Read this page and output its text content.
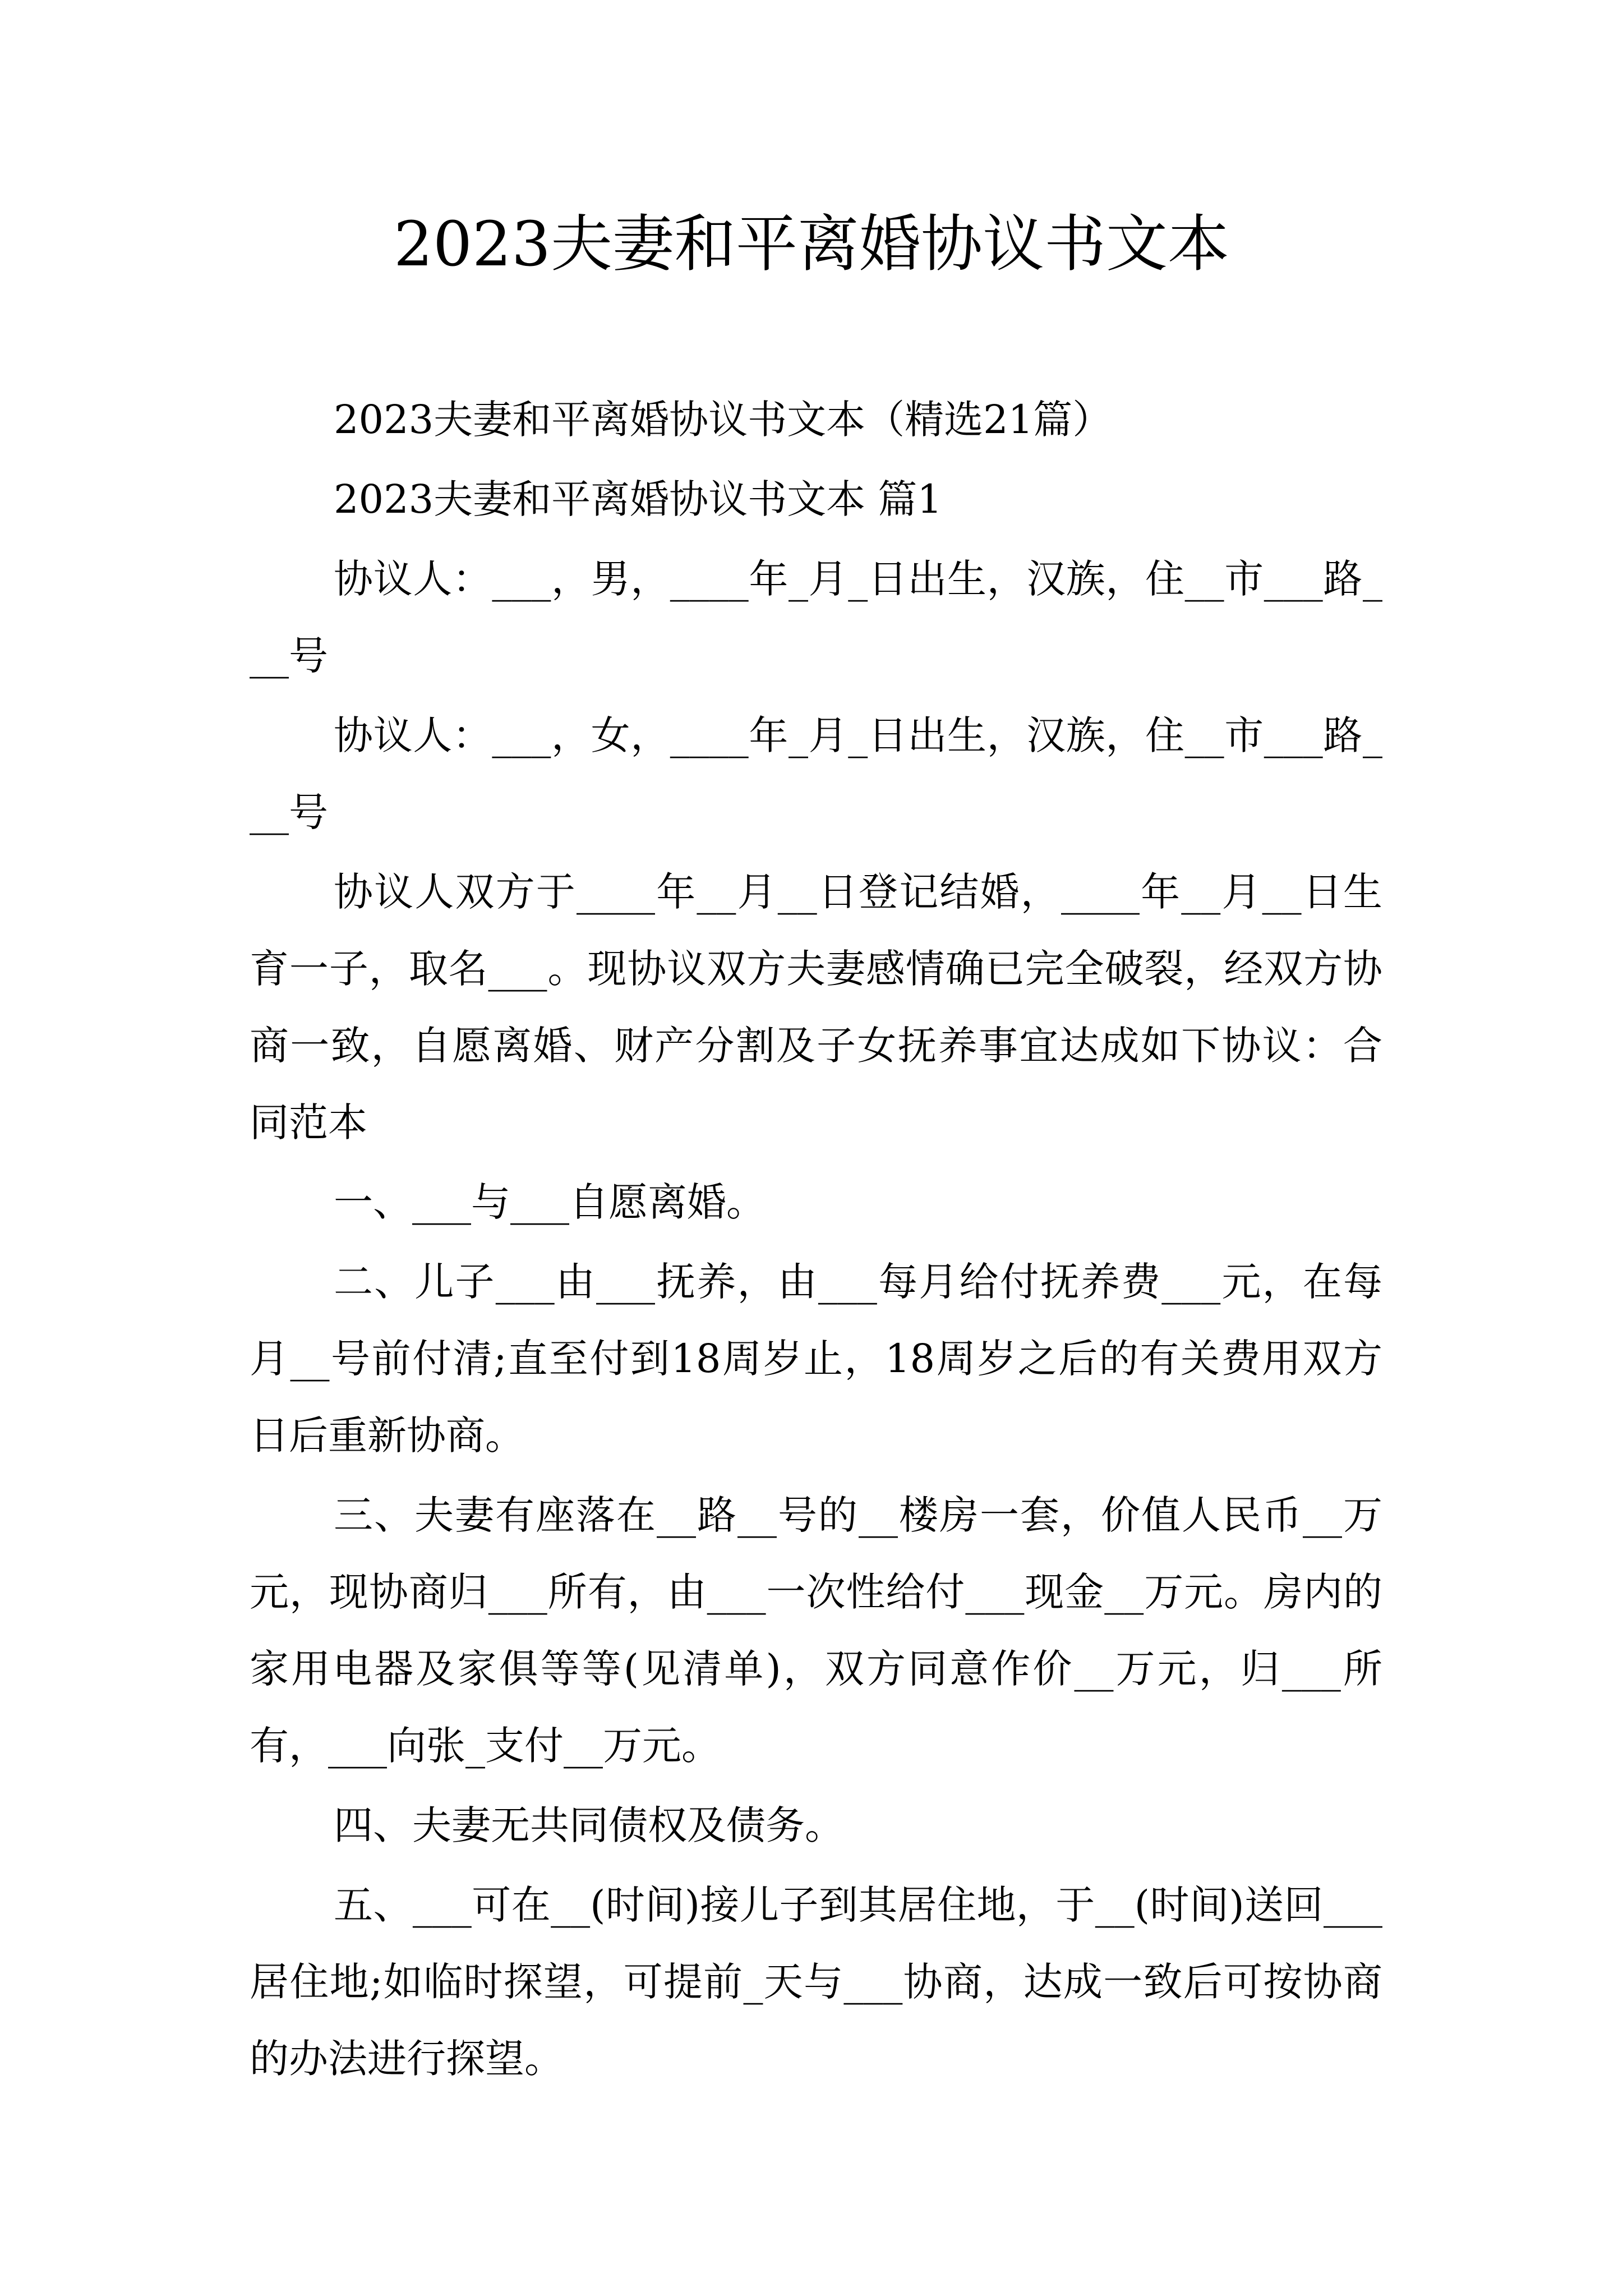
2023夫妻和平离婚协议书文本

2023夫妻和平离婚协议书文本（精选21篇）

2023夫妻和平离婚协议书文本 篇1

协议人：___，男，____年_月_日出生，汉族，住__市___路___号

协议人：___，女，____年_月_日出生，汉族，住__市___路___号

协议人双方于____年__月__日登记结婚，____年__月__日生育一子，取名___。现协议双方夫妻感情确已完全破裂，经双方协商一致，自愿离婚、财产分割及子女抚养事宜达成如下协议：合同范本

一、___与___自愿离婚。

二、儿子___由___抚养，由___每月给付抚养费___元，在每月__号前付清;直至付到18周岁止，18周岁之后的有关费用双方日后重新协商。

三、夫妻有座落在__路__号的__楼房一套，价值人民币__万元，现协商归___所有，由___一次性给付___现金__万元。房内的家用电器及家俱等等(见清单)，双方同意作价__万元，归___所有，___向张_支付__万元。

四、夫妻无共同债权及债务。

五、___可在__(时间)接儿子到其居住地，于__(时间)送回___居住地;如临时探望，可提前_天与___协商，达成一致后可按协商的办法进行探望。
